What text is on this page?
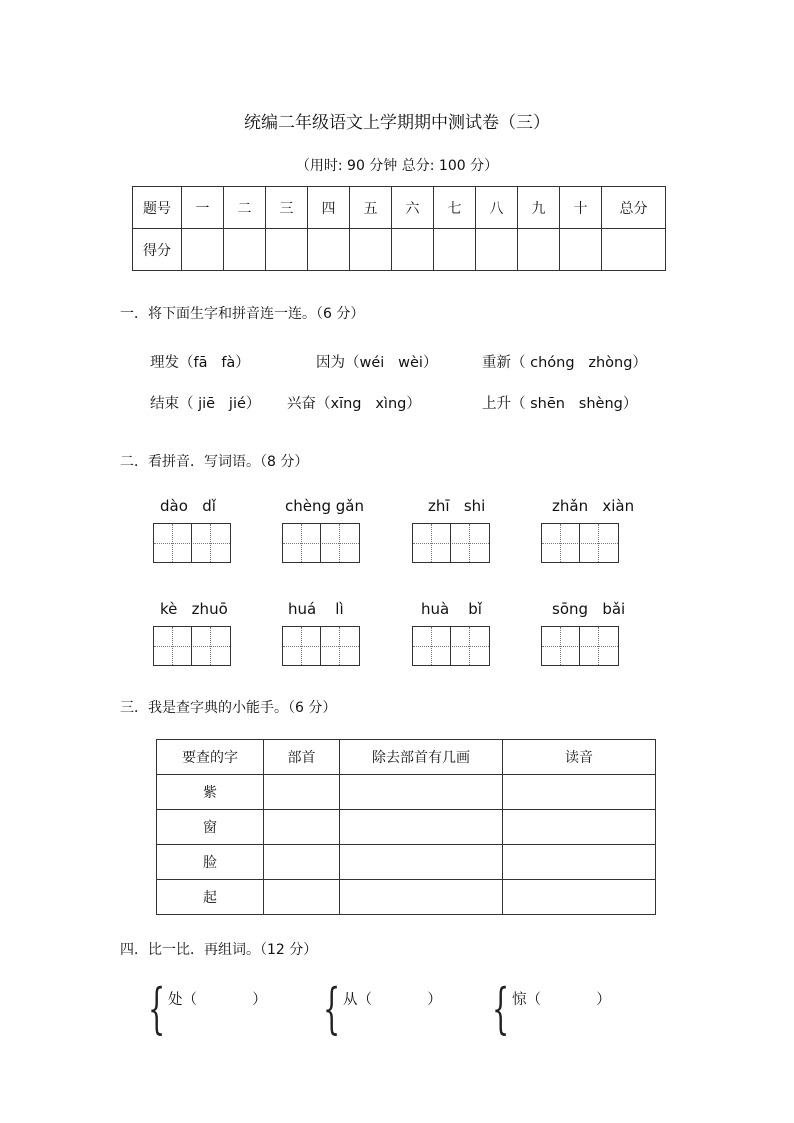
统编二年级语文上学期期中测试卷（三）
（用时: 90 分钟 总分: 100 分）
题号	一	二	三	四	五	六	七	八	九	十	总分
得分											
一．将下面生字和拼音连一连。（6 分）
理发（fā   fà）	因为（wéi   wèi）	重新（ chóng   zhòng）
结束（ jiē   jié） 兴奋（xīng   xìng）	上升（ shēn   shèng）
二．看拼音．写词语。（8 分）
dào   dǐ	chèng gǎn	zhī   shi	zhǎn   xiàn
kè   zhuō	huá    lì	huà    bǐ	sōng   bǎi
三．我是查字典的小能手。（6 分）
要查的字	部首	除去部首有几画	读音
紫			
窗			
脸			
起			
四．比一比．再组词。（12 分）
{ 处（            ） { 从（            ） { 惊（            ）
